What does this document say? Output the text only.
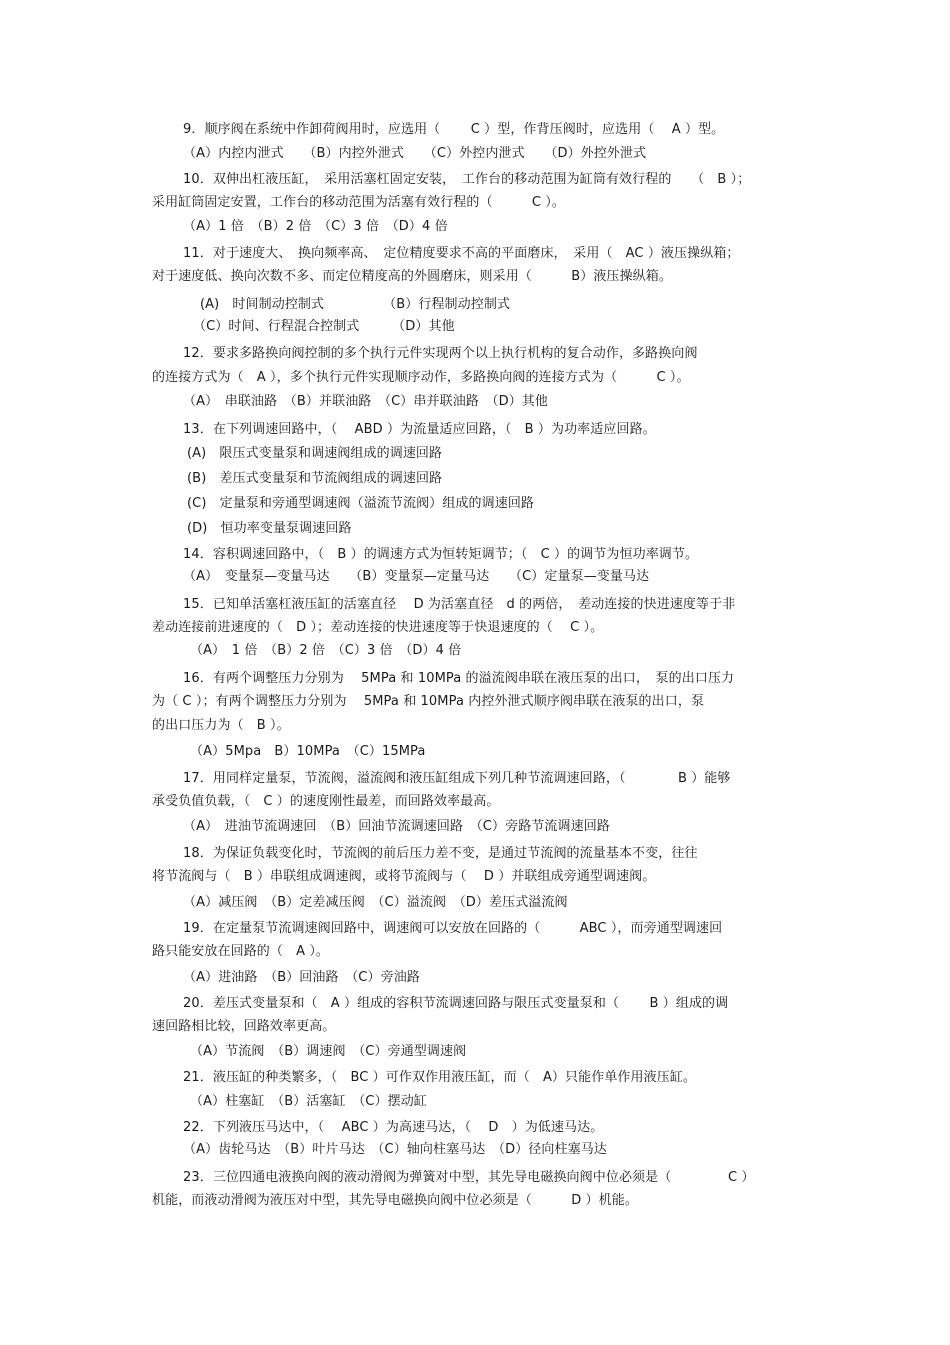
9．顺序阀在系统中作卸荷阀用时，应选用（　　 C ）型，作背压阀时，应选用（　 A ）型。
（A）内控内泄式　　（B）内控外泄式　　（C）外控内泄式　　（D）外控外泄式
10．双伸出杠液压缸，　采用活塞杠固定安装，　工作台的移动范围为缸筒有效行程的　　（　B ）；
采用缸筒固定安置，工作台的移动范围为活塞有效行程的（　　　C ）。
（A）1 倍　（B）2 倍　（C）3 倍　（D）4 倍
11．对于速度大、　换向频率高、　定位精度要求不高的平面磨床，　采用（　AC ）液压操纵箱；
对于速度低、换向次数不多、而定位精度高的外圆磨床，则采用（　　　B）液压操纵箱。
(A)　时间制动控制式　　　　　（B）行程制动控制式
（C）时间、行程混合控制式　　　（D）其他
12．要求多路换向阀控制的多个执行元件实现两个以上执行机构的复合动作，多路换向阀
的连接方式为（　A ），多个执行元件实现顺序动作，多路换向阀的连接方式为（　　　C ）。
（A）　串联油路　（B）并联油路　（C）串并联油路　（D）其他
13．在下列调速回路中，（　 ABD ）为流量适应回路，（　B ）为功率适应回路。
(A)　限压式变量泵和调速阀组成的调速回路
(B)　差压式变量泵和节流阀组成的调速回路
(C)　定量泵和旁通型调速阀（溢流节流阀）组成的调速回路
(D)　恒功率变量泵调速回路
14．容积调速回路中，（　B ）的调速方式为恒转矩调节；（　C ）的调节为恒功率调节。
（A）　变量泵—变量马达　　（B）变量泵—定量马达　　（C）定量泵—变量马达
15．已知单活塞杠液压缸的活塞直径　 D 为活塞直径　d 的两倍，　差动连接的快进速度等于非
差动连接前进速度的（　D ）；差动连接的快进速度等于快退速度的（　 C ）。
（A）　1 倍　（B）2 倍　（C）3 倍　（D）4 倍
16．有两个调整压力分别为　 5MPa 和 10MPa 的溢流阀串联在液压泵的出口，　泵的出口压力
为（ C ）；有两个调整压力分别为　 5MPa 和 10MPa 内控外泄式顺序阀串联在液泵的出口，泵
的出口压力为（　B ）。
（A）5Mpa　B）10MPa　（C）15MPa
17．用同样定量泵，节流阀，溢流阀和液压缸组成下列几种节流调速回路，（　　　　B ）能够
承受负值负载，（　C ）的速度刚性最差，而回路效率最高。
（A）　进油节流调速回　（B）回油节流调速回路　（C）旁路节流调速回路
18．为保证负载变化时，节流阀的前后压力差不变，是通过节流阀的流量基本不变，往往
将节流阀与（　B ）串联组成调速阀，或将节流阀与（　 D ）并联组成旁通型调速阀。
（A）减压阀　（B）定差减压阀　（C）溢流阀　（D）差压式溢流阀
19．在定量泵节流调速阀回路中，调速阀可以安放在回路的（　　　ABC ），而旁通型调速回
路只能安放在回路的（　A ）。
（A）进油路　（B）回油路　（C）旁油路
20．差压式变量泵和（　A ）组成的容积节流调速回路与限压式变量泵和（　　 B ）组成的调
速回路相比较，回路效率更高。
（A）节流阀　（B）调速阀　（C）旁通型调速阀
21．液压缸的种类繁多，（　BC ）可作双作用液压缸，而（　A）只能作单作用液压缸。
（A）柱塞缸　（B）活塞缸　（C）摆动缸
22．下列液压马达中，（　 ABC ）为高速马达，（　 D　）为低速马达。
（A）齿轮马达　（B）叶片马达　（C）轴向柱塞马达　（D）径向柱塞马达
23．三位四通电液换向阀的液动滑阀为弹簧对中型，其先导电磁换向阀中位必须是（　　　　 C ）
机能，而液动滑阀为液压对中型，其先导电磁换向阀中位必须是（　　　D ）机能。
